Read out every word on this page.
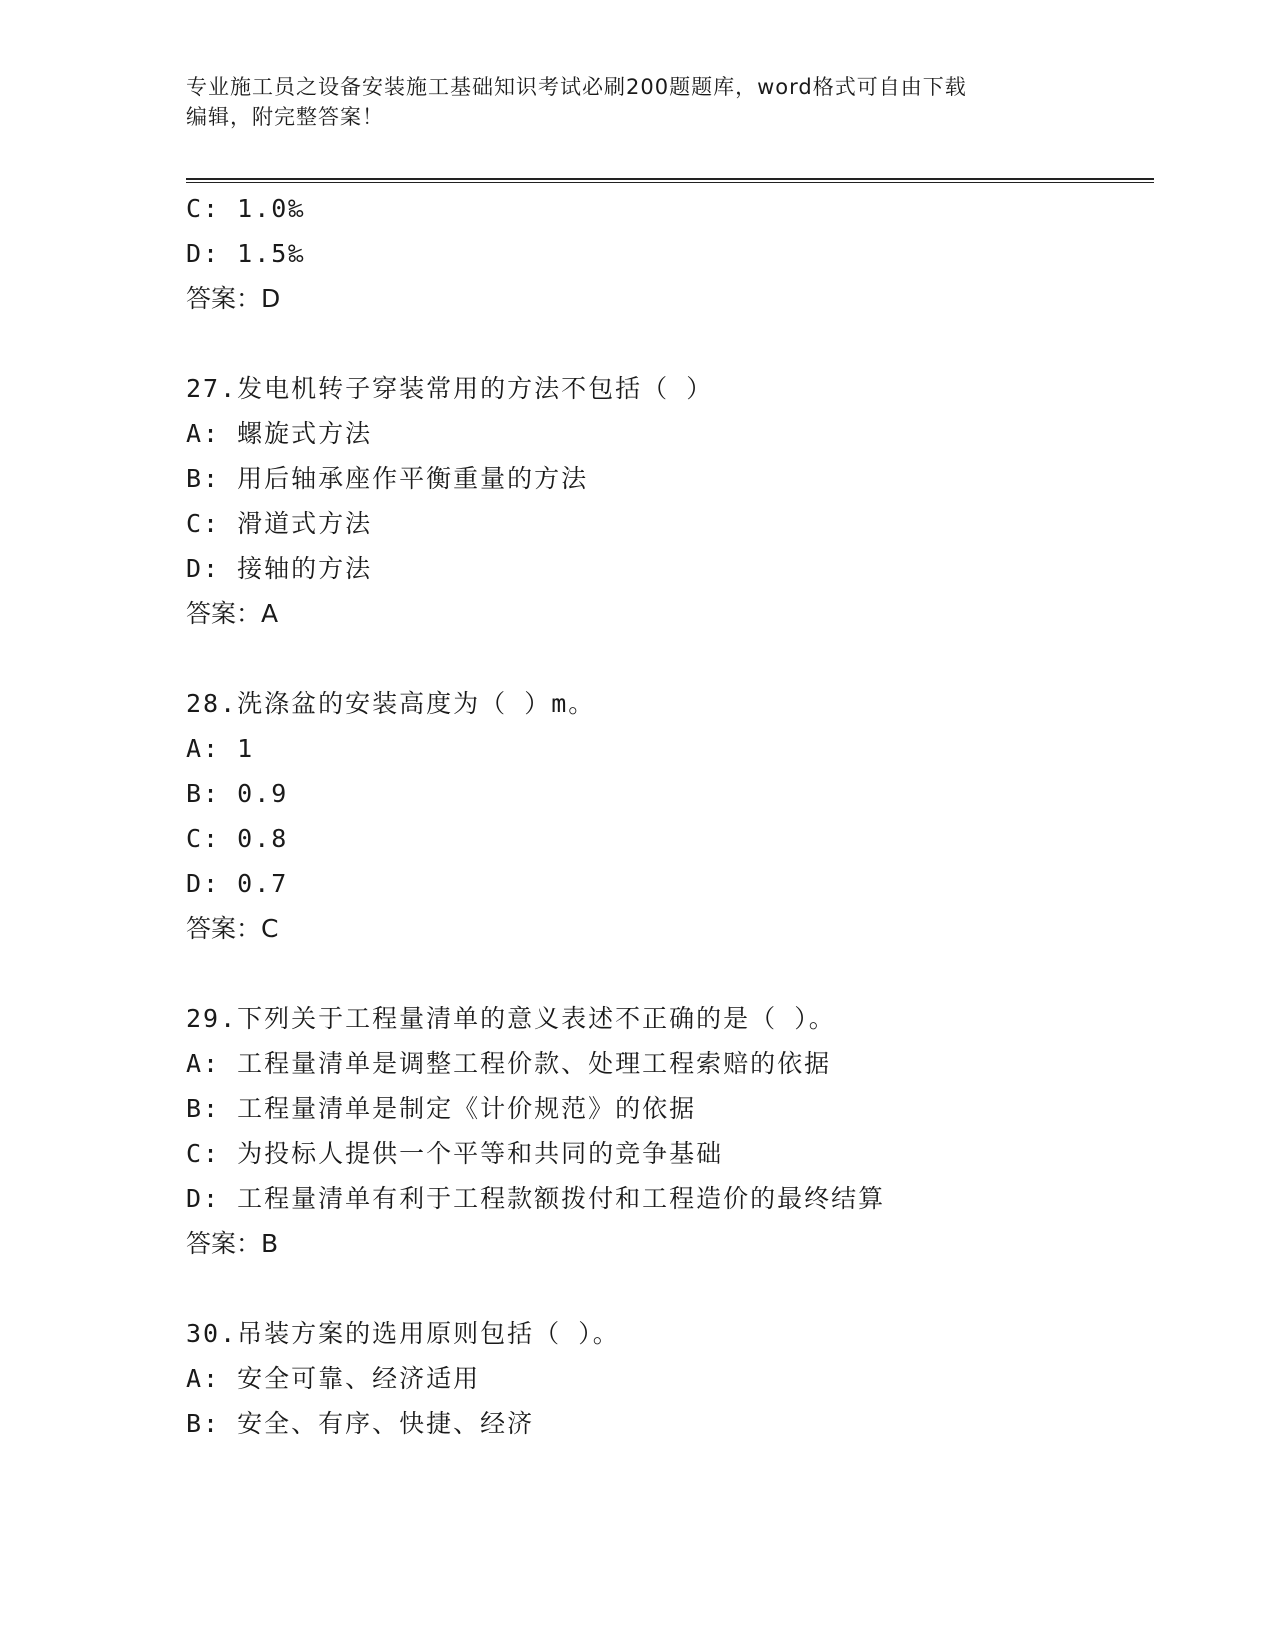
专业施工员之设备安装施工基础知识考试必刷200题题库，word格式可自由下载
编辑，附完整答案！
C: 1.0‰
D: 1.5‰
答案：D
27.发电机转子穿装常用的方法不包括（ ）
A: 螺旋式方法
B: 用后轴承座作平衡重量的方法
C: 滑道式方法
D: 接轴的方法
答案：A
28.洗涤盆的安装高度为（ ）m。
A: 1
B: 0.9
C: 0.8
D: 0.7
答案：C
29.下列关于工程量清单的意义表述不正确的是（ ）。
A: 工程量清单是调整工程价款、处理工程索赔的依据
B: 工程量清单是制定《计价规范》的依据
C: 为投标人提供一个平等和共同的竞争基础
D: 工程量清单有利于工程款额拨付和工程造价的最终结算
答案：B
30.吊装方案的选用原则包括（ ）。
A: 安全可靠、经济适用
B: 安全、有序、快捷、经济
